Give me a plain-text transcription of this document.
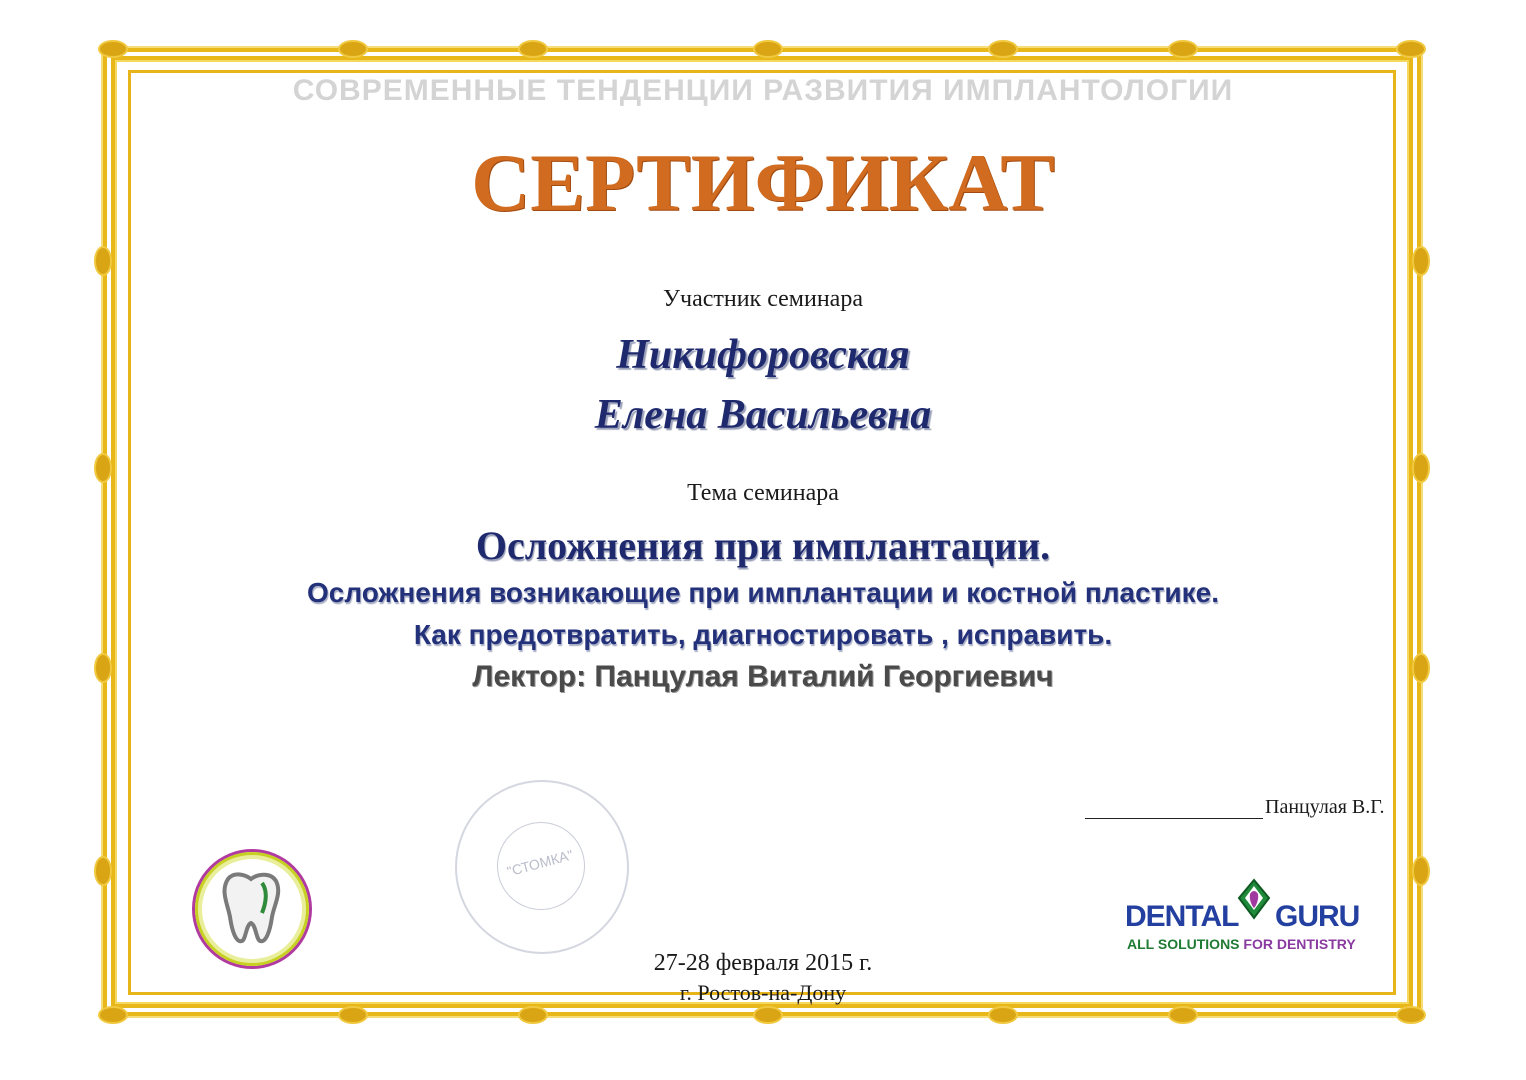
СОВРЕМЕННЫЕ ТЕНДЕНЦИИ РАЗВИТИЯ ИМПЛАНТОЛОГИИ
СЕРТИФИКАТ
Участник семинара
Никифоровская
Елена Васильевна
Тема семинара
Осложнения при имплантации.
Осложнения возникающие при имплантации и костной пластике.
Как предотвратить, диагностировать , исправить.
Лектор: Панцулая Виталий Георгиевич
Панцулая В.Г.
"СТОМКА"
27-28 февраля 2015 г.
г. Ростов-на-Дону
DENTAL GURU
ALL SOLUTIONS FOR DENTISTRY
